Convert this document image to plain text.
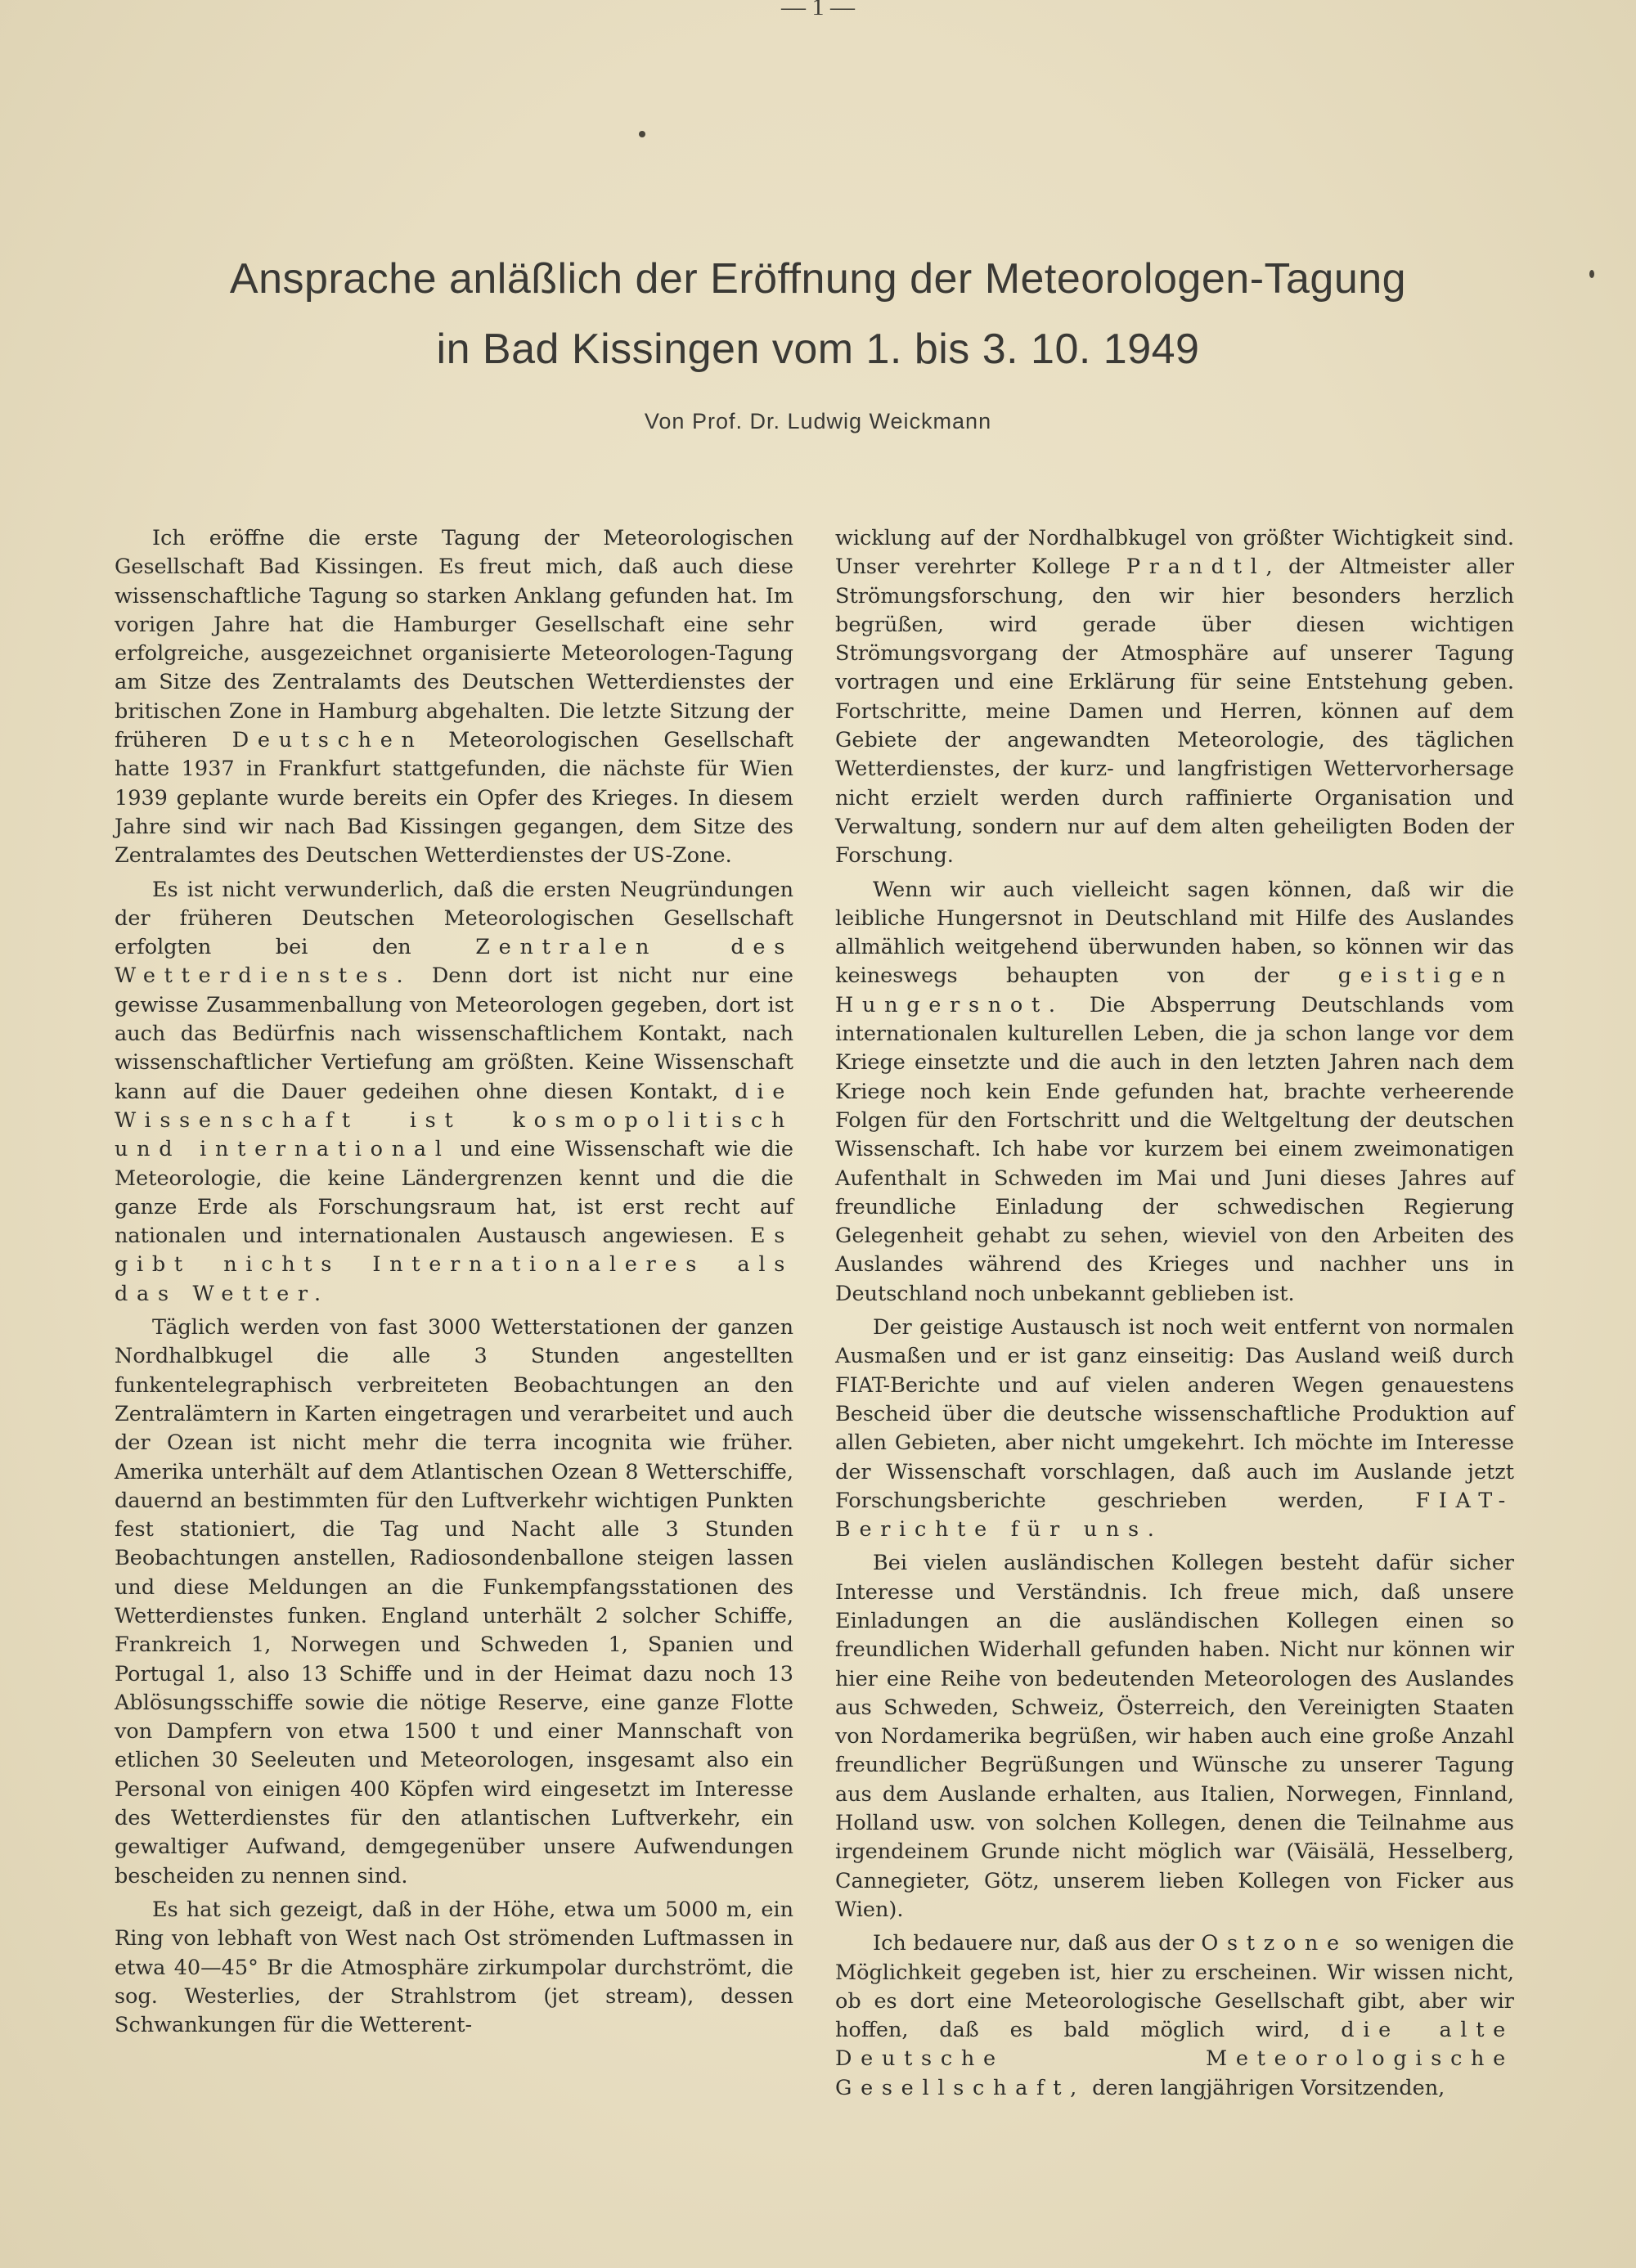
— 1 —
Ansprache anläßlich der Eröffnung der Meteorologen-Tagung
in Bad Kissingen vom 1. bis 3. 10. 1949
Von Prof. Dr. Ludwig Weickmann

Ich eröffne die erste Tagung der Meteorologischen Gesellschaft Bad Kissingen. Es freut mich, daß auch diese wissenschaftliche Tagung so starken Anklang gefunden hat. Im vorigen Jahre hat die Hamburger Gesellschaft eine sehr erfolgreiche, ausgezeichnet organisierte Meteorologen-Tagung am Sitze des Zentralamts des Deutschen Wetterdienstes der britischen Zone in Hamburg abgehalten. Die letzte Sitzung der früheren Deutschen Meteorologischen Gesellschaft hatte 1937 in Frankfurt stattgefunden, die nächste für Wien 1939 geplante wurde bereits ein Opfer des Krieges. In diesem Jahre sind wir nach Bad Kissingen gegangen, dem Sitze des Zentralamtes des Deutschen Wetterdienstes der US-Zone.

Es ist nicht verwunderlich, daß die ersten Neugründungen der früheren Deutschen Meteorologischen Gesellschaft erfolgten bei den Zentralen des Wetterdienstes. Denn dort ist nicht nur eine gewisse Zusammenballung von Meteorologen gegeben, dort ist auch das Bedürfnis nach wissenschaftlichem Kontakt, nach wissenschaftlicher Vertiefung am größten. Keine Wissenschaft kann auf die Dauer gedeihen ohne diesen Kontakt, die Wissenschaft ist kosmopolitisch und international und eine Wissenschaft wie die Meteorologie, die keine Ländergrenzen kennt und die die ganze Erde als Forschungsraum hat, ist erst recht auf nationalen und internationalen Austausch angewiesen. Es gibt nichts Internationaleres als das Wetter.

Täglich werden von fast 3000 Wetterstationen der ganzen Nordhalbkugel die alle 3 Stunden angestellten funkentelegraphisch verbreiteten Beobachtungen an den Zentralämtern in Karten eingetragen und verarbeitet und auch der Ozean ist nicht mehr die terra incognita wie früher. Amerika unterhält auf dem Atlantischen Ozean 8 Wetterschiffe, dauernd an bestimmten für den Luftverkehr wichtigen Punkten fest stationiert, die Tag und Nacht alle 3 Stunden Beobachtungen anstellen, Radiosondenballone steigen lassen und diese Meldungen an die Funkempfangsstationen des Wetterdienstes funken. England unterhält 2 solcher Schiffe, Frankreich 1, Norwegen und Schweden 1, Spanien und Portugal 1, also 13 Schiffe und in der Heimat dazu noch 13 Ablösungsschiffe sowie die nötige Reserve, eine ganze Flotte von Dampfern von etwa 1500 t und einer Mannschaft von etlichen 30 Seeleuten und Meteorologen, insgesamt also ein Personal von einigen 400 Köpfen wird eingesetzt im Interesse des Wetterdienstes für den atlantischen Luftverkehr, ein gewaltiger Aufwand, demgegenüber unsere Aufwendungen bescheiden zu nennen sind.

Es hat sich gezeigt, daß in der Höhe, etwa um 5000 m, ein Ring von lebhaft von West nach Ost strömenden Luftmassen in etwa 40—45° Br die Atmosphäre zirkumpolar durchströmt, die sog. Westerlies, der Strahlstrom (jet stream), dessen Schwankungen für die Wetterent-

wicklung auf der Nordhalbkugel von größter Wichtigkeit sind. Unser verehrter Kollege Prandtl, der Altmeister aller Strömungsforschung, den wir hier besonders herzlich begrüßen, wird gerade über diesen wichtigen Strömungsvorgang der Atmosphäre auf unserer Tagung vortragen und eine Erklärung für seine Entstehung geben. Fortschritte, meine Damen und Herren, können auf dem Gebiete der angewandten Meteorologie, des täglichen Wetterdienstes, der kurz- und langfristigen Wettervorhersage nicht erzielt werden durch raffinierte Organisation und Verwaltung, sondern nur auf dem alten geheiligten Boden der Forschung.

Wenn wir auch vielleicht sagen können, daß wir die leibliche Hungersnot in Deutschland mit Hilfe des Auslandes allmählich weitgehend überwunden haben, so können wir das keineswegs behaupten von der geistigen Hungersnot. Die Absperrung Deutschlands vom internationalen kulturellen Leben, die ja schon lange vor dem Kriege einsetzte und die auch in den letzten Jahren nach dem Kriege noch kein Ende gefunden hat, brachte verheerende Folgen für den Fortschritt und die Weltgeltung der deutschen Wissenschaft. Ich habe vor kurzem bei einem zweimonatigen Aufenthalt in Schweden im Mai und Juni dieses Jahres auf freundliche Einladung der schwedischen Regierung Gelegenheit gehabt zu sehen, wieviel von den Arbeiten des Auslandes während des Krieges und nachher uns in Deutschland noch unbekannt geblieben ist.

Der geistige Austausch ist noch weit entfernt von normalen Ausmaßen und er ist ganz einseitig: Das Ausland weiß durch FIAT-Berichte und auf vielen anderen Wegen genauestens Bescheid über die deutsche wissenschaftliche Produktion auf allen Gebieten, aber nicht umgekehrt. Ich möchte im Interesse der Wissenschaft vorschlagen, daß auch im Auslande jetzt Forschungsberichte geschrieben werden, FIAT-Berichte für uns.

Bei vielen ausländischen Kollegen besteht dafür sicher Interesse und Verständnis. Ich freue mich, daß unsere Einladungen an die ausländischen Kollegen einen so freundlichen Widerhall gefunden haben. Nicht nur können wir hier eine Reihe von bedeutenden Meteorologen des Auslandes aus Schweden, Schweiz, Österreich, den Vereinigten Staaten von Nordamerika begrüßen, wir haben auch eine große Anzahl freundlicher Begrüßungen und Wünsche zu unserer Tagung aus dem Auslande erhalten, aus Italien, Norwegen, Finnland, Holland usw. von solchen Kollegen, denen die Teilnahme aus irgendeinem Grunde nicht möglich war (Väisälä, Hesselberg, Cannegieter, Götz, unserem lieben Kollegen von Ficker aus Wien).

Ich bedauere nur, daß aus der Ostzone so wenigen die Möglichkeit gegeben ist, hier zu erscheinen. Wir wissen nicht, ob es dort eine Meteorologische Gesellschaft gibt, aber wir hoffen, daß es bald möglich wird, die alte Deutsche Meteorologische Gesellschaft, deren langjährigen Vorsitzenden,
